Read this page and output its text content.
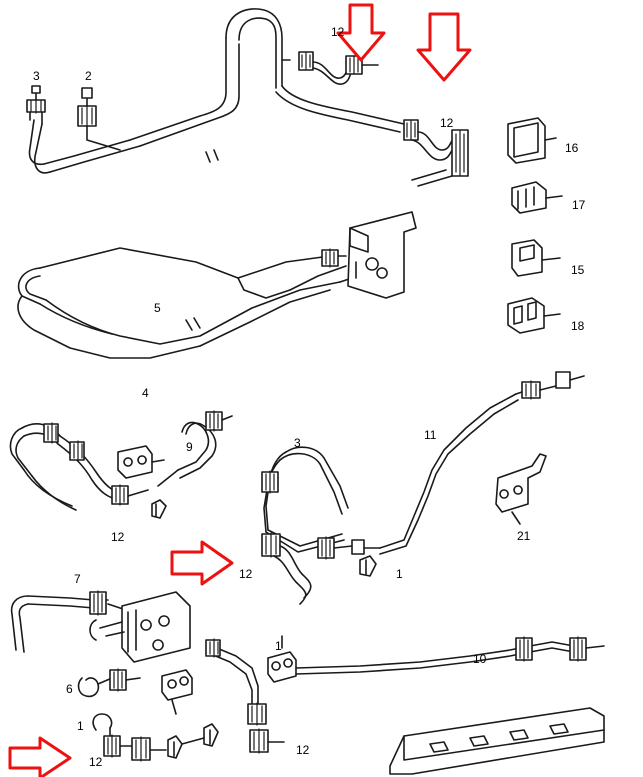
3	2
12
12
16
17
15
18
5
4
9	3
11
21
12
12	1
7
1
10
6
1
12
12
